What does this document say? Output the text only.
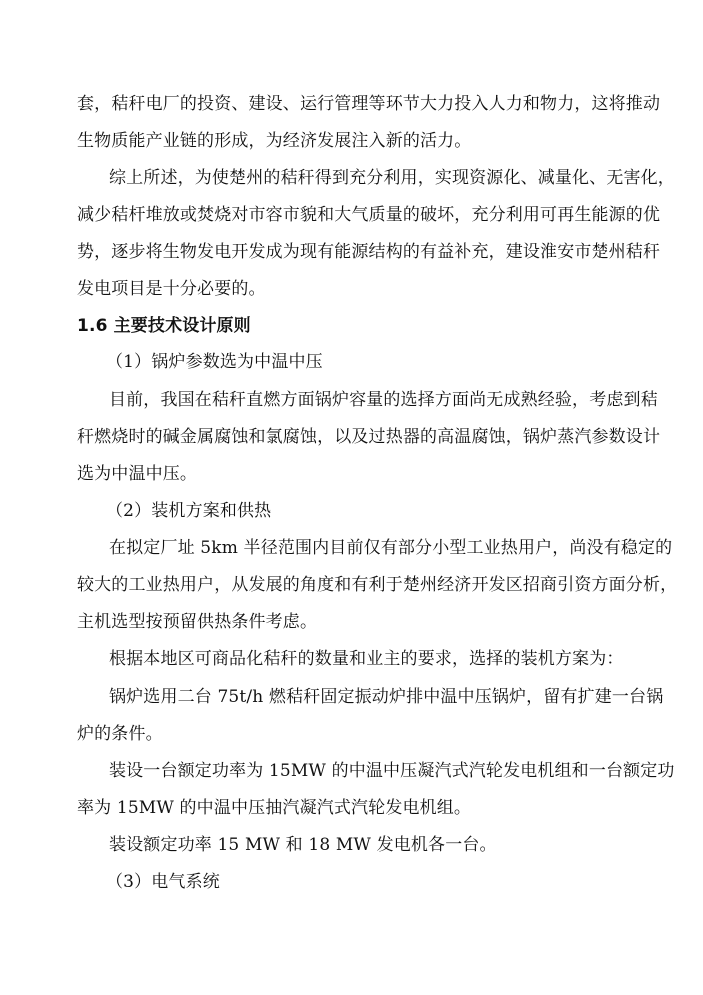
套，秸秆电厂的投资、建设、运行管理等环节大力投入人力和物力，这将推动
生物质能产业链的形成，为经济发展注入新的活力。
综上所述，为使楚州的秸秆得到充分利用，实现资源化、减量化、无害化，
减少秸杆堆放或焚烧对市容市貌和大气质量的破坏，充分利用可再生能源的优
势，逐步将生物发电开发成为现有能源结构的有益补充，建设淮安市楚州秸秆
发电项目是十分必要的。
1.6 主要技术设计原则
（1）锅炉参数选为中温中压
目前，我国在秸秆直燃方面锅炉容量的选择方面尚无成熟经验，考虑到秸
秆燃烧时的碱金属腐蚀和氯腐蚀，以及过热器的高温腐蚀，锅炉蒸汽参数设计
选为中温中压。
（2）装机方案和供热
在拟定厂址 5km 半径范围内目前仅有部分小型工业热用户，尚没有稳定的
较大的工业热用户，从发展的角度和有利于楚州经济开发区招商引资方面分析，
主机选型按预留供热条件考虑。
根据本地区可商品化秸秆的数量和业主的要求，选择的装机方案为：
锅炉选用二台 75t/h 燃秸秆固定振动炉排中温中压锅炉，留有扩建一台锅
炉的条件。
装设一台额定功率为 15MW 的中温中压凝汽式汽轮发电机组和一台额定功
率为 15MW 的中温中压抽汽凝汽式汽轮发电机组。
装设额定功率 15 MW 和 18 MW 发电机各一台。
（3）电气系统
